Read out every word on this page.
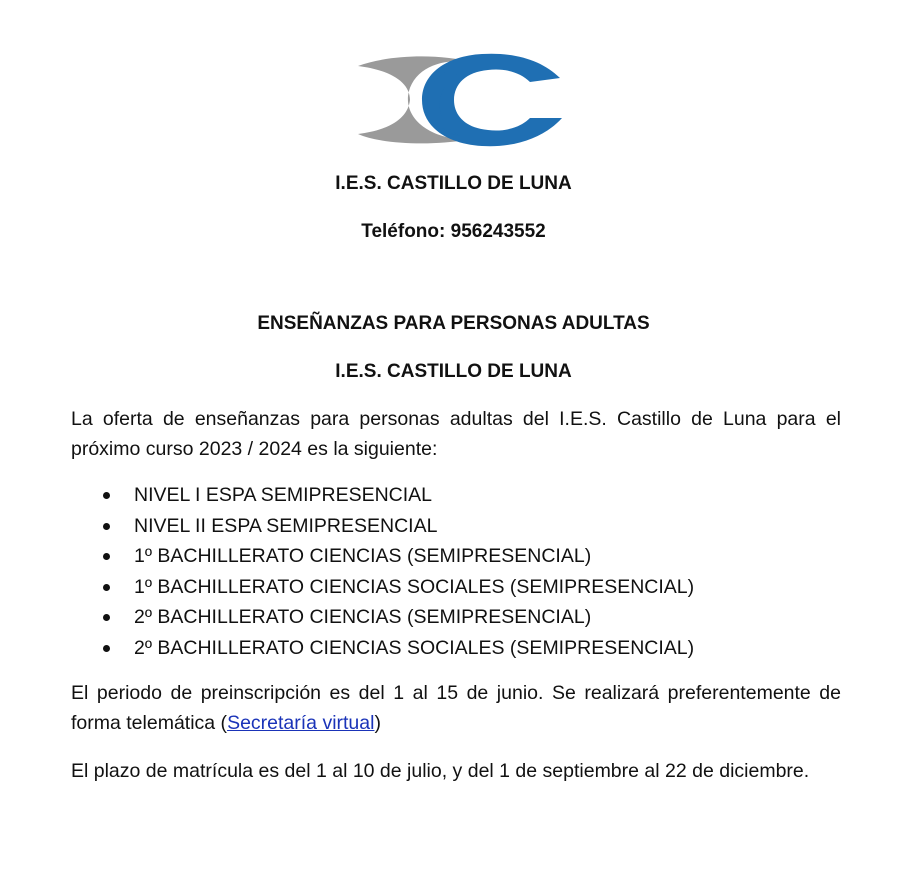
I.E.S. CASTILLO DE LUNA
Teléfono: 956243552
ENSEÑANZAS PARA PERSONAS ADULTAS
I.E.S. CASTILLO DE LUNA
La oferta de enseñanzas para personas adultas del I.E.S. Castillo de Luna para el próximo curso 2023 / 2024 es la siguiente:
NIVEL I ESPA SEMIPRESENCIAL
NIVEL II ESPA SEMIPRESENCIAL
1º BACHILLERATO CIENCIAS (SEMIPRESENCIAL)
1º BACHILLERATO CIENCIAS SOCIALES (SEMIPRESENCIAL)
2º BACHILLERATO CIENCIAS (SEMIPRESENCIAL)
2º BACHILLERATO CIENCIAS SOCIALES (SEMIPRESENCIAL)
El periodo de preinscripción es del 1 al 15 de junio. Se realizará preferentemente de forma telemática (Secretaría virtual)
El plazo de matrícula es del 1 al 10 de julio, y del 1 de septiembre al 22 de diciembre.
